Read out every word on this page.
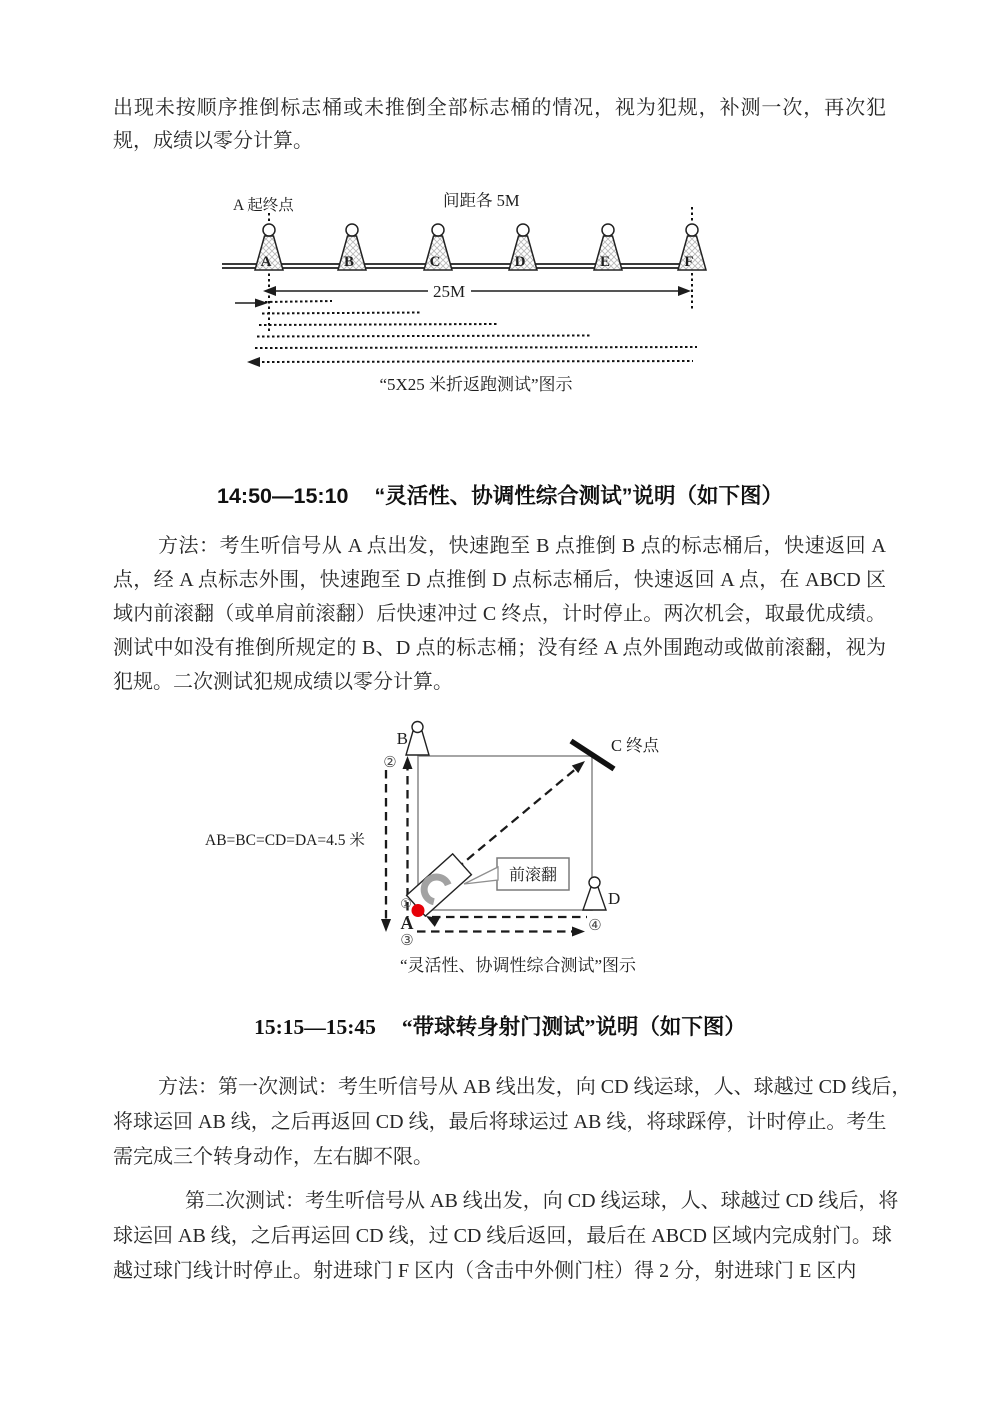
出现未按顺序推倒标志桶或未推倒全部标志桶的情况，视为犯规，补测一次，再次犯
规，成绩以零分计算。
A 起终点	间距各 5M
A	B	C	D	E	F
25M
“5X25 米折返跑测试”图示
14:50—15:10 “灵活性、协调性综合测试”说明（如下图）
方法：考生听信号从 A 点出发，快速跑至 B 点推倒 B 点的标志桶后，快速返回 A
点，经 A 点标志外围，快速跑至 D 点推倒 D 点标志桶后，快速返回 A 点，在 ABCD 区
域内前滚翻（或单肩前滚翻）后快速冲过 C 终点，计时停止。两次机会，取最优成绩。
测试中如没有推倒所规定的 B、D 点的标志桶；没有经 A 点外围跑动或做前滚翻，视为
犯规。二次测试犯规成绩以零分计算。
AB=BC=CD=DA=4.5 米
B	C 终点
②
前滚翻
D
①
A	④
③
“灵活性、协调性综合测试”图示
15:15—15:45 “带球转身射门测试”说明（如下图）
方法：第一次测试：考生听信号从 AB 线出发，向 CD 线运球，人、球越过 CD 线后，
将球运回 AB 线，之后再返回 CD 线，最后将球运过 AB 线，将球踩停，计时停止。考生
需完成三个转身动作，左右脚不限。
第二次测试：考生听信号从 AB 线出发，向 CD 线运球，人、球越过 CD 线后，将
球运回 AB 线，之后再运回 CD 线，过 CD 线后返回，最后在 ABCD 区域内完成射门。球
越过球门线计时停止。射进球门 F 区内（含击中外侧门柱）得 2 分，射进球门 E 区内
